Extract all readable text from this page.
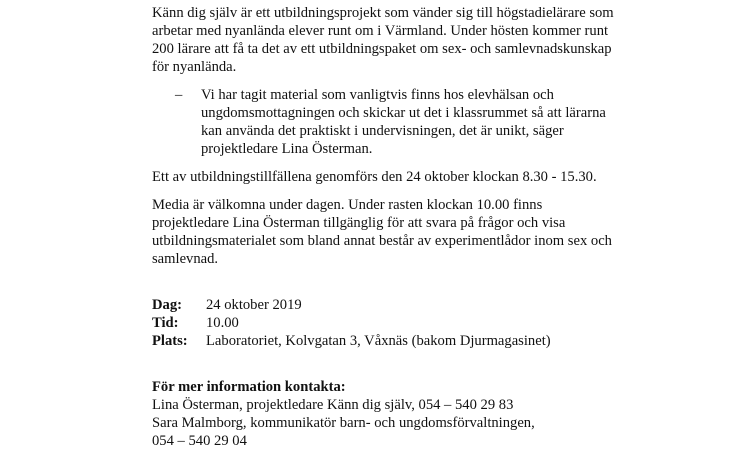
Känn dig själv är ett utbildningsprojekt som vänder sig till högstadielärare som arbetar med nyanlända elever runt om i Värmland. Under hösten kommer runt 200 lärare att få ta det av ett utbildningspaket om sex- och samlevnadskunskap för nyanlända.

–	Vi har tagit material som vanligtvis finns hos elevhälsan och ungdomsmottagningen och skickar ut det i klassrummet så att lärarna kan använda det praktiskt i undervisningen, det är unikt, säger projektledare Lina Österman.

Ett av utbildningstillfällena genomförs den 24 oktober klockan 8.30 - 15.30.

Media är välkomna under dagen. Under rasten klockan 10.00 finns projektledare Lina Österman tillgänglig för att svara på frågor och visa utbildningsmaterialet som bland annat består av experimentlådor inom sex och samlevnad.

Dag:	24 oktober 2019
Tid:	10.00
Plats:	Laboratoriet, Kolvgatan 3, Våxnäs (bakom Djurmagasinet)

För mer information kontakta:

Lina Österman, projektledare Känn dig själv, 054 – 540 29 83

Sara Malmborg, kommunikatör barn- och ungdomsförvaltningen,

054 – 540 29 04
